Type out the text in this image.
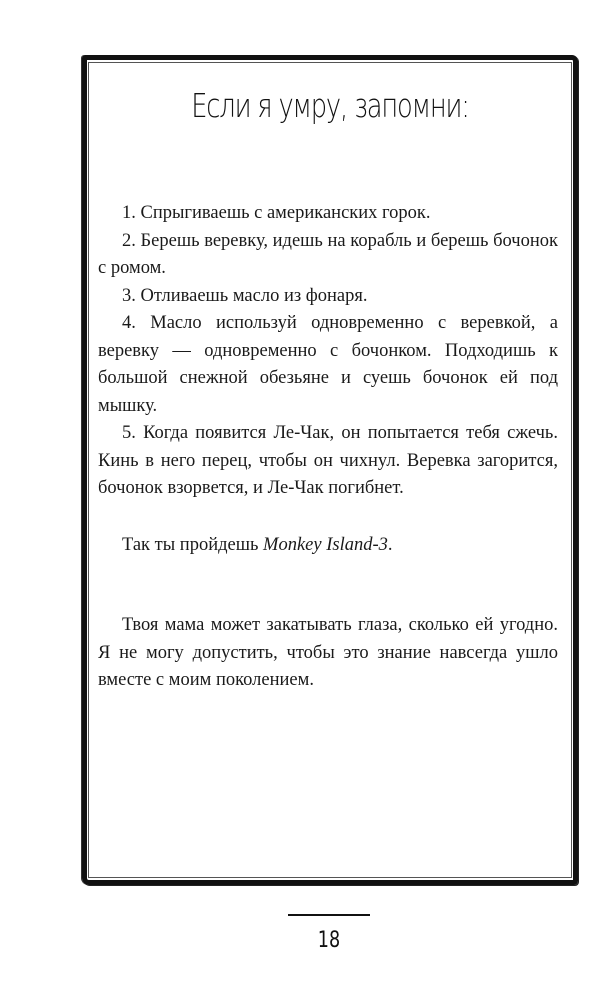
Если я умру, запомни:

1. Спрыгиваешь с американских горок.

2. Берешь веревку, идешь на корабль и берешь бочонок с ромом.

3. Отливаешь масло из фонаря.

4. Масло используй одновременно с веревкой, а веревку — одновременно с бочонком. Подходишь к большой снежной обезьяне и суешь бочонок ей под мышку.

5. Когда появится Ле-Чак, он попытается тебя сжечь. Кинь в него перец, чтобы он чихнул. Веревка загорится, бочонок взорвется, и Ле-Чак погибнет.

Так ты пройдешь Monkey Island-3.

Твоя мама может закатывать глаза, сколько ей угодно. Я не могу допустить, чтобы это знание навсегда ушло вместе с моим поколением.

18
